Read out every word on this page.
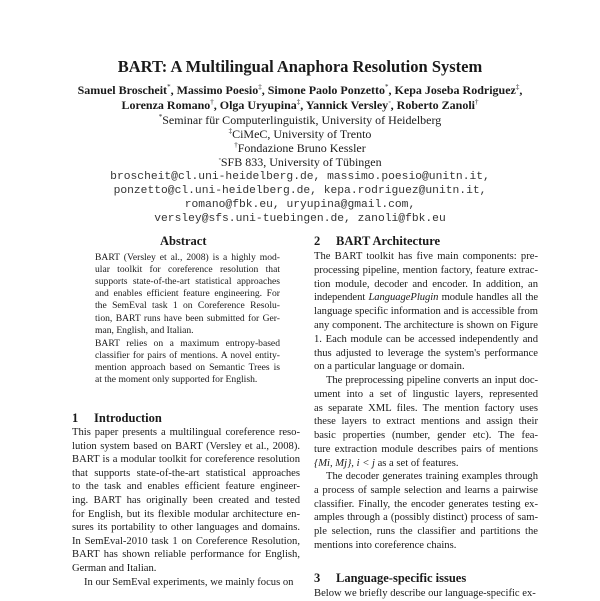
BART: A Multilingual Anaphora Resolution System
Samuel Broscheit*, Massimo Poesio‡, Simone Paolo Ponzetto*, Kepa Joseba Rodriguez‡,
Lorenza Romano†, Olga Uryupina‡, Yannick Versley◦, Roberto Zanoli†
*Seminar für Computerlinguistik, University of Heidelberg
‡CiMeC, University of Trento
†Fondazione Bruno Kessler
◦SFB 833, University of Tübingen
broscheit@cl.uni-heidelberg.de, massimo.poesio@unitn.it,
ponzetto@cl.uni-heidelberg.de, kepa.rodriguez@unitn.it,
romano@fbk.eu, uryupina@gmail.com,
versley@sfs.uni-tuebingen.de, zanoli@fbk.eu
Abstract
BART (Versley et al., 2008) is a highly mod-
ular toolkit for coreference resolution that
supports state-of-the-art statistical approaches
and enables efficient feature engineering. For
the SemEval task 1 on Coreference Resolu-
tion, BART runs have been submitted for Ger-
man, English, and Italian.
BART relies on a maximum entropy-based
classifier for pairs of mentions. A novel entity-
mention approach based on Semantic Trees is
at the moment only supported for English.
1 Introduction
This paper presents a multilingual coreference reso-
lution system based on BART (Versley et al., 2008).
BART is a modular toolkit for coreference resolution
that supports state-of-the-art statistical approaches
to the task and enables efficient feature engineer-
ing. BART has originally been created and tested
for English, but its flexible modular architecture en-
sures its portability to other languages and domains.
In SemEval-2010 task 1 on Coreference Resolution,
BART has shown reliable performance for English,
German and Italian.
In our SemEval experiments, we mainly focus on
2 BART Architecture
The BART toolkit has five main components: pre-
processing pipeline, mention factory, feature extrac-
tion module, decoder and encoder. In addition, an
independent LanguagePlugin module handles all the
language specific information and is accessible from
any component. The architecture is shown on Figure
1. Each module can be accessed independently and
thus adjusted to leverage the system's performance
on a particular language or domain.
The preprocessing pipeline converts an input doc-
ument into a set of lingustic layers, represented
as separate XML files. The mention factory uses
these layers to extract mentions and assign their
basic properties (number, gender etc). The fea-
ture extraction module describes pairs of mentions
{Mi, Mj}, i < j as a set of features.
The decoder generates training examples through
a process of sample selection and learns a pairwise
classifier. Finally, the encoder generates testing ex-
amples through a (possibly distinct) process of sam-
ple selection, runs the classifier and partitions the
mentions into coreference chains.
3 Language-specific issues
Below we briefly describe our language-specific ex-
